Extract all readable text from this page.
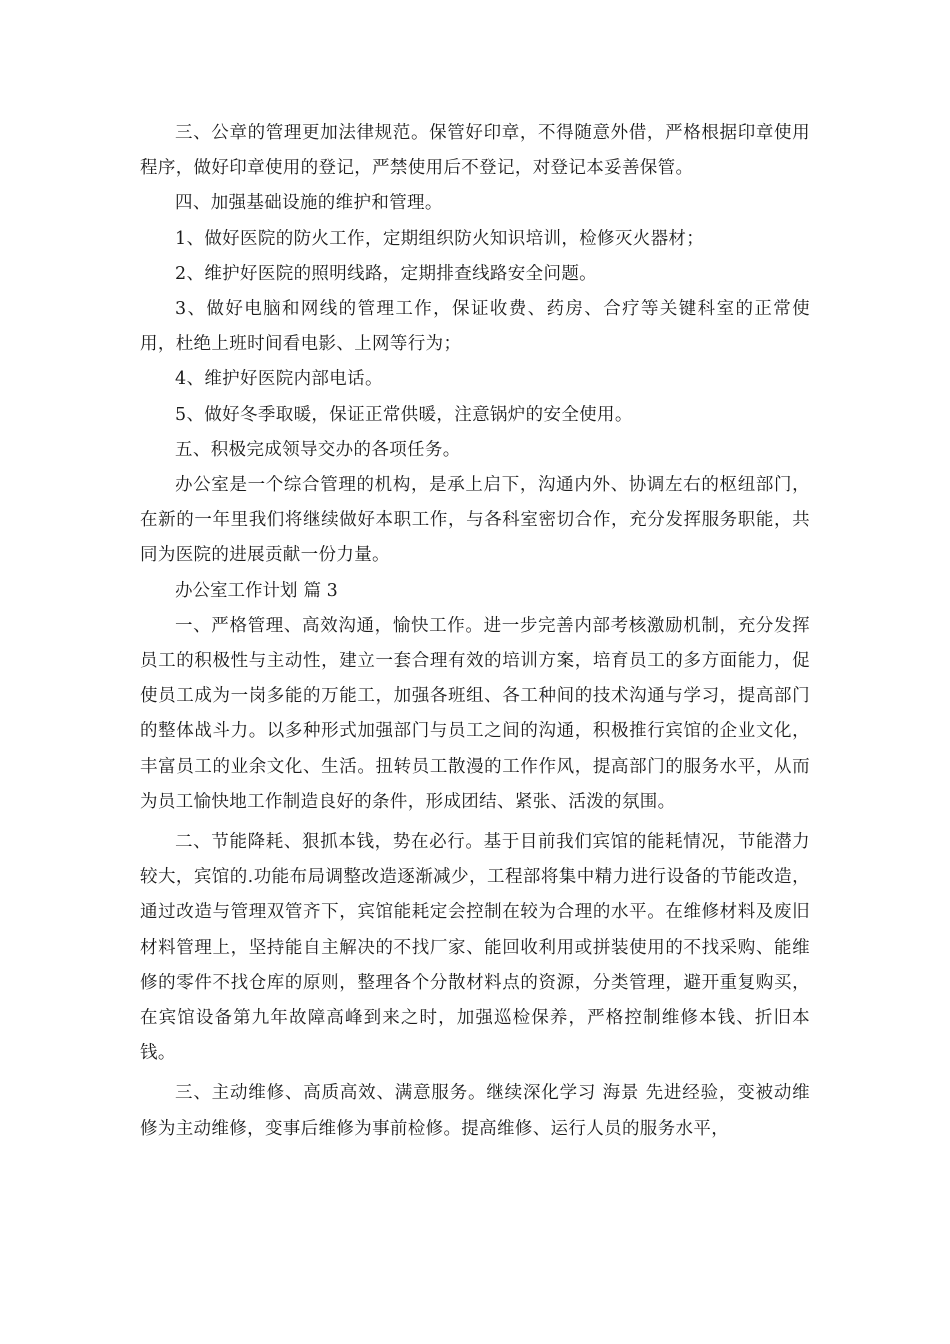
三、公章的管理更加法律规范。保管好印章，不得随意外借，严格根据印章使用程序，做好印章使用的登记，严禁使用后不登记，对登记本妥善保管。

四、加强基础设施的维护和管理。

1、做好医院的防火工作，定期组织防火知识培训，检修灭火器材；

2、维护好医院的照明线路，定期排查线路安全问题。

3、做好电脑和网线的管理工作，保证收费、药房、合疗等关键科室的正常使用，杜绝上班时间看电影、上网等行为；

4、维护好医院内部电话。

5、做好冬季取暖，保证正常供暖，注意锅炉的安全使用。

五、积极完成领导交办的各项任务。

办公室是一个综合管理的机构，是承上启下，沟通内外、协调左右的枢纽部门，在新的一年里我们将继续做好本职工作，与各科室密切合作，充分发挥服务职能，共同为医院的进展贡献一份力量。

办公室工作计划 篇 3

一、严格管理、高效沟通，愉快工作。进一步完善内部考核激励机制，充分发挥员工的积极性与主动性，建立一套合理有效的培训方案，培育员工的多方面能力，促使员工成为一岗多能的万能工，加强各班组、各工种间的技术沟通与学习，提高部门的整体战斗力。以多种形式加强部门与员工之间的沟通，积极推行宾馆的企业文化，丰富员工的业余文化、生活。扭转员工散漫的工作作风，提高部门的服务水平，从而为员工愉快地工作制造良好的条件，形成团结、紧张、活泼的氛围。

二、节能降耗、狠抓本钱，势在必行。基于目前我们宾馆的能耗情况，节能潜力较大，宾馆的.功能布局调整改造逐渐减少，工程部将集中精力进行设备的节能改造，通过改造与管理双管齐下，宾馆能耗定会控制在较为合理的水平。在维修材料及废旧材料管理上，坚持能自主解决的不找厂家、能回收利用或拼装使用的不找采购、能维修的零件不找仓库的原则，整理各个分散材料点的资源，分类管理，避开重复购买，在宾馆设备第九年故障高峰到来之时，加强巡检保养，严格控制维修本钱、折旧本钱。

三、主动维修、高质高效、满意服务。继续深化学习 海景 先进经验，变被动维修为主动维修，变事后维修为事前检修。提高维修、运行人员的服务水平，
